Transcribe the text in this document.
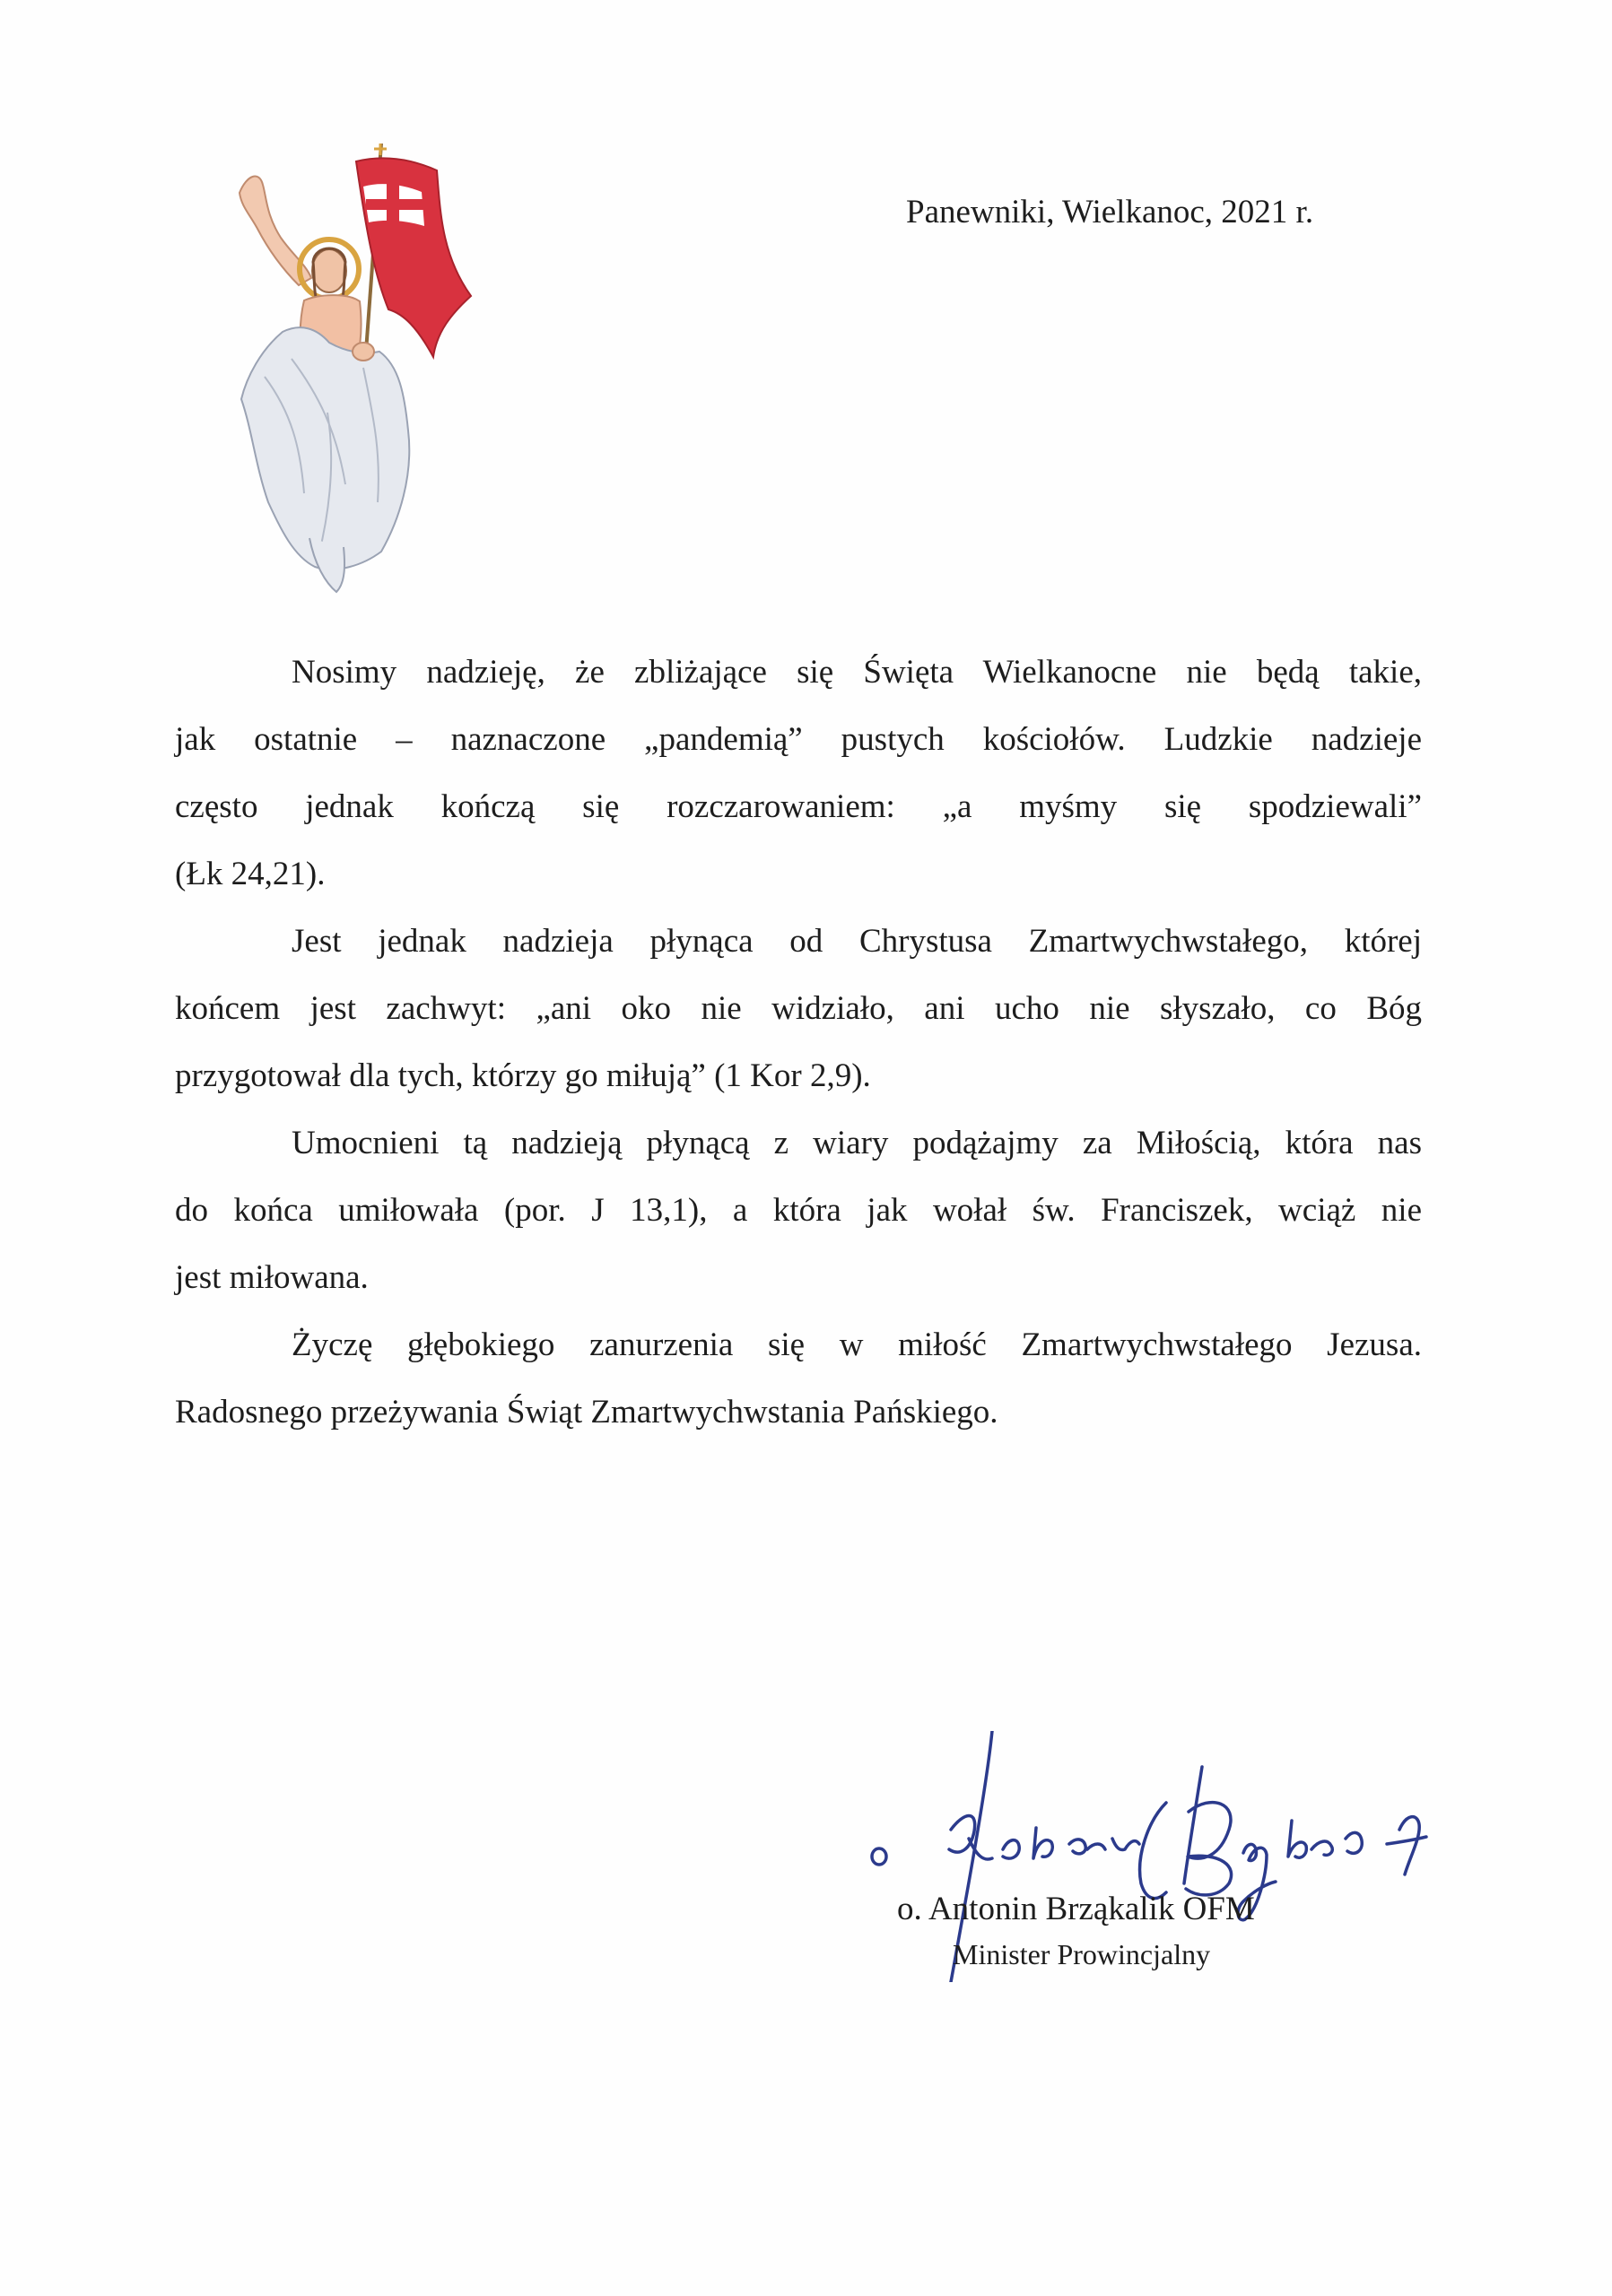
Panewniki, Wielkanoc, 2021 r.

Nosimy nadzieję, że zbliżające się Święta Wielkanocne nie będą takie,
jak ostatnie – naznaczone „pandemią” pustych kościołów. Ludzkie nadzieje
często jednak kończą się rozczarowaniem: „a myśmy się spodziewali”
(Łk 24,21).

Jest jednak nadzieja płynąca od Chrystusa Zmartwychwstałego, której
końcem jest zachwyt: „ani oko nie widziało, ani ucho nie słyszało, co Bóg
przygotował dla tych, którzy go miłują” (1 Kor 2,9).

Umocnieni tą nadzieją płynącą z wiary podążajmy za Miłością, która nas
do końca umiłowała (por. J 13,1), a która jak wołał św. Franciszek, wciąż nie
jest miłowana.

Życzę głębokiego zanurzenia się w miłość Zmartwychwstałego Jezusa.
Radosnego przeżywania Świąt Zmartwychwstania Pańskiego.

o. Antonin Brząkalik OFM
Minister Prowincjalny
